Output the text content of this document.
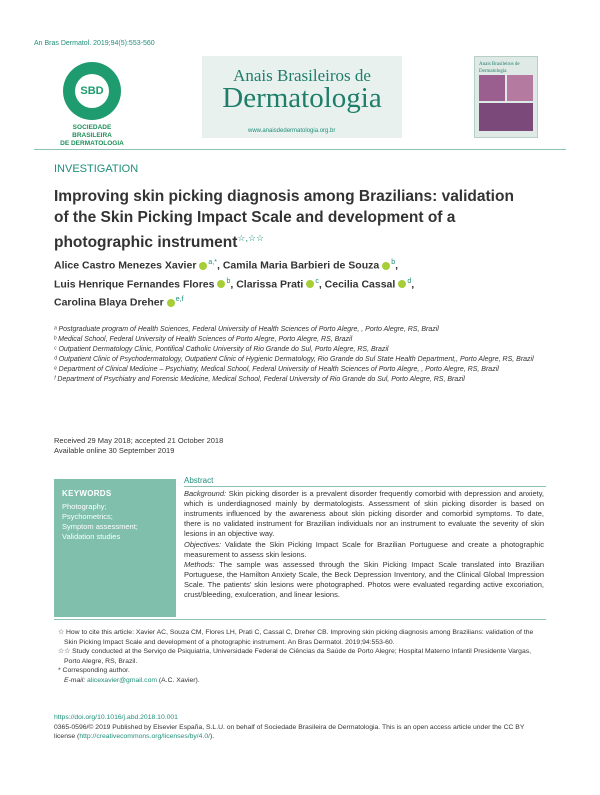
An Bras Dermatol. 2019;94(5):553-560
SBD
SOCIEDADE BRASILEIRA
DE DERMATOLOGIA
Anais Brasileiros de
Dermatologia
www.anaisdedermatologia.org.br
Anais Brasileiros de Dermatologia
INVESTIGATION
Improving skin picking diagnosis among Brazilians: validation of the Skin Picking Impact Scale and development of a photographic instrument☆,☆☆
Alice Castro Menezes Xavier $^{a,*}$, Camila Maria Barbieri de Souza $^b$,
Luis Henrique Fernandes Flores $^b$, Clarissa Prati $^c$, Cecilia Cassal $^d$,
Carolina Blaya Dreher $^{e,f}$
ᵃ Postgraduate program of Health Sciences, Federal University of Health Sciences of Porto Alegre, , Porto Alegre, RS, Brazil
ᵇ Medical School, Federal University of Health Sciences of Porto Alegre, Porto Alegre, RS, Brazil
ᶜ Outpatient Dermatology Clinic, Pontifical Catholic University of Rio Grande do Sul, Porto Alegre, RS, Brazil
ᵈ Outpatient Clinic of Psychodermatology, Outpatient Clinic of Hygienic Dermatology, Rio Grande do Sul State Health Department,, Porto Alegre, RS, Brazil
ᵉ Department of Clinical Medicine – Psychiatry, Medical School, Federal University of Health Sciences of Porto Alegre, , Porto Alegre, RS, Brazil
ᶠ Department of Psychiatry and Forensic Medicine, Medical School, Federal University of Rio Grande do Sul, Porto Alegre, RS, Brazil
Received 29 May 2018; accepted 21 October 2018
Available online 30 September 2019
KEYWORDS
Photography;
Psychometrics;
Symptom assessment;
Validation studies
Abstract
Background: Skin picking disorder is a prevalent disorder frequently comorbid with depression and anxiety, which is underdiagnosed mainly by dermatologists. Assessment of skin picking disorder is based on instruments influenced by the awareness about skin picking disorder and comorbid symptoms. To date, there is no validated instrument for Brazilian individuals nor an instrument to evaluate the severity of skin lesions in an objective way.
Objectives: Validate the Skin Picking Impact Scale for Brazilian Portuguese and create a photographic measurement to assess skin lesions.
Methods: The sample was assessed through the Skin Picking Impact Scale translated into Brazilian Portuguese, the Hamilton Anxiety Scale, the Beck Depression Inventory, and the Clinical Global Impression Scale. The patients' skin lesions were photographed. Photos were evaluated regarding active excoriation, crust/bleeding, exulceration, and linear lesions.
☆ How to cite this article: Xavier AC, Souza CM, Flores LH, Prati C, Cassal C, Dreher CB. Improving skin picking diagnosis among Brazilians: validation of the Skin Picking Impact Scale and development of a photographic instrument. An Bras Dermatol. 2019;94:553-60.
☆☆ Study conducted at the Serviço de Psiquiatria, Universidade Federal de Ciências da Saúde de Porto Alegre; Hospital Materno Infantil Presidente Vargas, Porto Alegre, RS, Brazil.
* Corresponding author.
E-mail: alicexavier@gmail.com (A.C. Xavier).
https://doi.org/10.1016/j.abd.2018.10.001
0365-0596/© 2019 Published by Elsevier España, S.L.U. on behalf of Sociedade Brasileira de Dermatologia. This is an open access article under the CC BY license (http://creativecommons.org/licenses/by/4.0/).
